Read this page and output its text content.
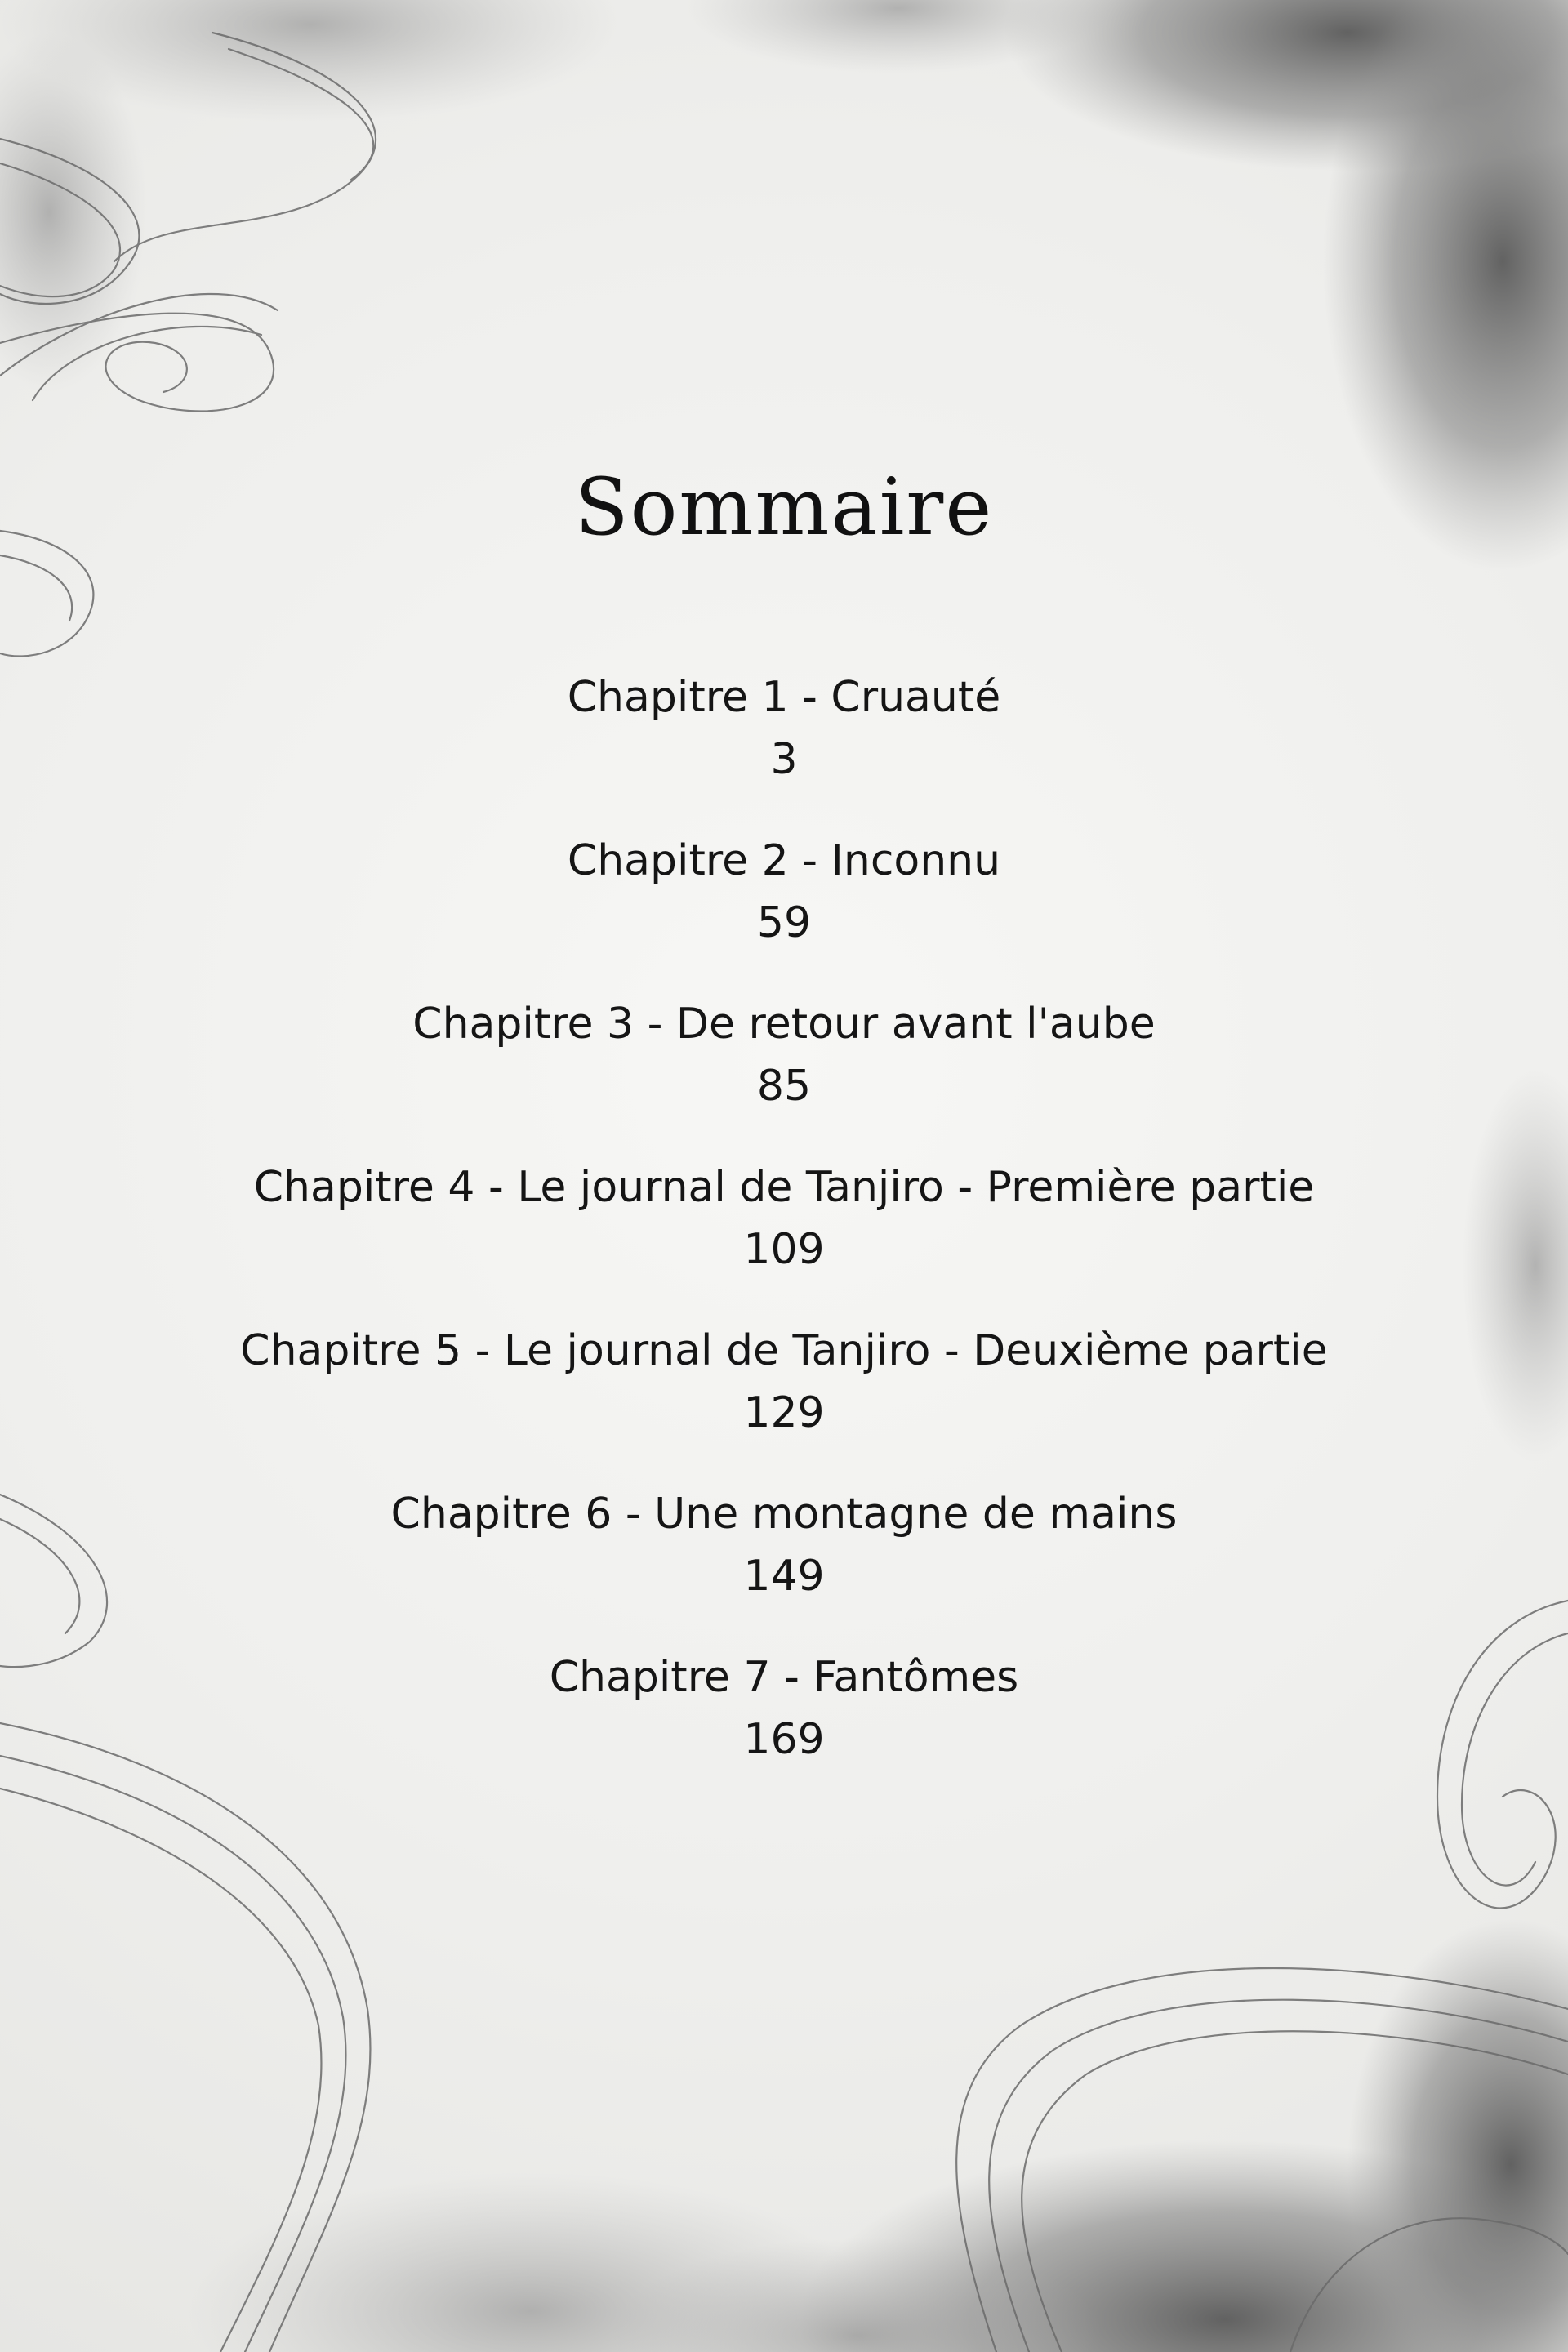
Sommaire
Chapitre 1 - Cruauté
3
Chapitre 2 - Inconnu
59
Chapitre 3 - De retour avant l'aube
85
Chapitre 4 - Le journal de Tanjiro - Première partie
109
Chapitre 5 - Le journal de Tanjiro - Deuxième partie
129
Chapitre 6 - Une montagne de mains
149
Chapitre 7 - Fantômes
169
